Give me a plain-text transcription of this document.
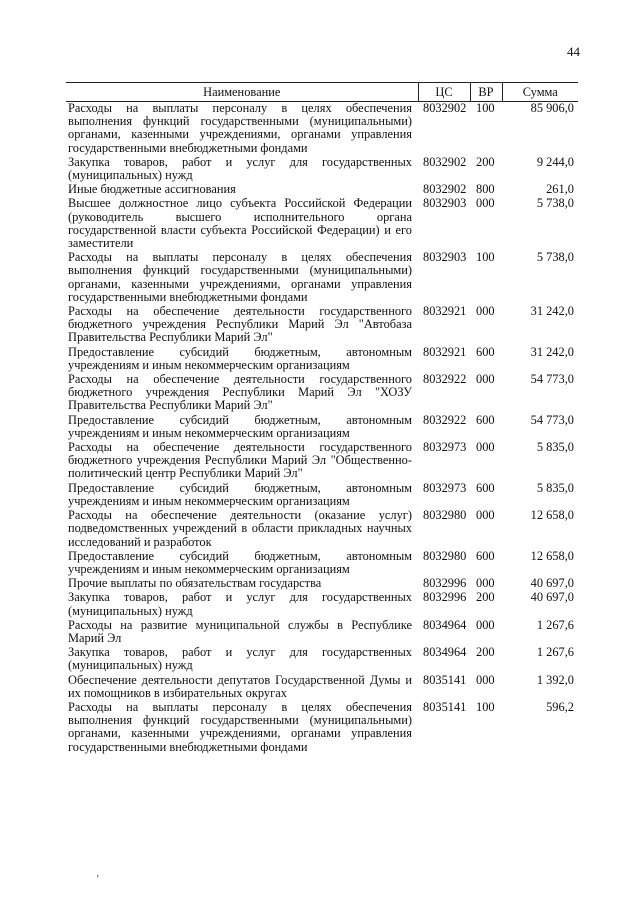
44
Наименование	ЦС	ВР	Сумма
Расходы на выплаты персоналу в целях обеспечения выполнения функций государственными (муниципальными) органами, казенными учреждениями, органами управления государственными внебюджетными фондами	8032902	100	85 906,0
Закупка товаров, работ и услуг для государственных (муниципальных) нужд	8032902	200	9 244,0
Иные бюджетные ассигнования	8032902	800	261,0
Высшее должностное лицо субъекта Российской Федерации (руководитель высшего исполнительного органа государственной власти субъекта Российской Федерации) и его заместители	8032903	000	5 738,0
Расходы на выплаты персоналу в целях обеспечения выполнения функций государственными (муниципальными) органами, казенными учреждениями, органами управления государственными внебюджетными фондами	8032903	100	5 738,0
Расходы на обеспечение деятельности государственного бюджетного учреждения Республики Марий Эл "Автобаза Правительства Республики Марий Эл"	8032921	000	31 242,0
Предоставление субсидий бюджетным, автономным учреждениям и иным некоммерческим организациям	8032921	600	31 242,0
Расходы на обеспечение деятельности государственного бюджетного учреждения Республики Марий Эл "ХОЗУ Правительства Республики Марий Эл"	8032922	000	54 773,0
Предоставление субсидий бюджетным, автономным учреждениям и иным некоммерческим организациям	8032922	600	54 773,0
Расходы на обеспечение деятельности государственного бюджетного учреждения Республики Марий Эл "Общественно-политический центр Республики Марий Эл"	8032973	000	5 835,0
Предоставление субсидий бюджетным, автономным учреждениям и иным некоммерческим организациям	8032973	600	5 835,0
Расходы на обеспечение деятельности (оказание услуг) подведомственных учреждений в области прикладных научных исследований и разработок	8032980	000	12 658,0
Предоставление субсидий бюджетным, автономным учреждениям и иным некоммерческим организациям	8032980	600	12 658,0
Прочие выплаты по обязательствам государства	8032996	000	40 697,0
Закупка товаров, работ и услуг для государственных (муниципальных) нужд	8032996	200	40 697,0
Расходы на развитие муниципальной службы в Республике Марий Эл	8034964	000	1 267,6
Закупка товаров, работ и услуг для государственных (муниципальных) нужд	8034964	200	1 267,6
Обеспечение деятельности депутатов Государственной Думы и их помощников в избирательных округах	8035141	000	1 392,0
Расходы на выплаты персоналу в целях обеспечения выполнения функций государственными (муниципальными) органами, казенными учреждениями, органами управления государственными внебюджетными фондами	8035141	100	596,2
ʼ
